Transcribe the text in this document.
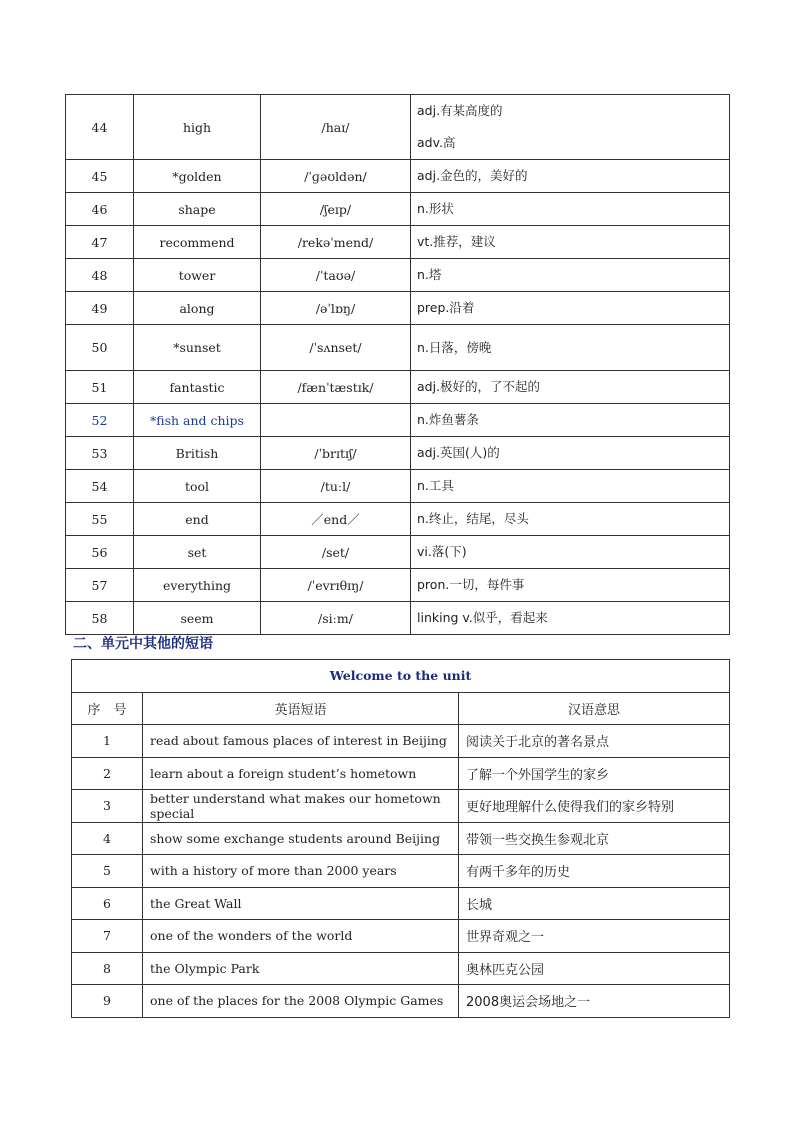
44	high	/haɪ/	adj.有某高度的
adv.高

45	*golden	/ˈɡəʊldən/	adj.金色的，美好的

46	shape	/ʃeɪp/	n.形状

47	recommend	/rekəˈmend/	vt.推荐，建议

48	tower	/ˈtaʊə/	n.塔

49	along	/əˈlɒŋ/	prep.沿着

50	*sunset	/ˈsʌnset/	n.日落，傍晚

51	fantastic	/fænˈtæstɪk/	adj.极好的，了不起的

52	*fish and chips		n.炸鱼薯条

53	British	/ˈbrɪtɪʃ/	adj.英国(人)的

54	tool	/tuːl/	n.工具

55	end	／end／	n.终止，结尾，尽头

56	set	/set/	vi.落(下)

57	everything	/ˈevrɪθɪŋ/	pron.一切，每件事

58	seem	/siːm/	linking v.似乎，看起来
二、单元中其他的短语
Welcome to the unit		
序　号	英语短语	汉语意思
1	read about famous places of interest in Beijing	阅读关于北京的著名景点
2	learn about a foreign student’s hometown	了解一个外国学生的家乡
3	better understand what makes our hometown special	更好地理解什么使得我们的家乡特别
4	show some exchange students around Beijing	带领一些交换生参观北京
5	with a history of more than 2000 years	有两千多年的历史
6	the Great Wall	长城
7	one of the wonders of the world	世界奇观之一
8	the Olympic Park	奥林匹克公园
9	one of the places for the 2008 Olympic Games	2008奥运会场地之一
